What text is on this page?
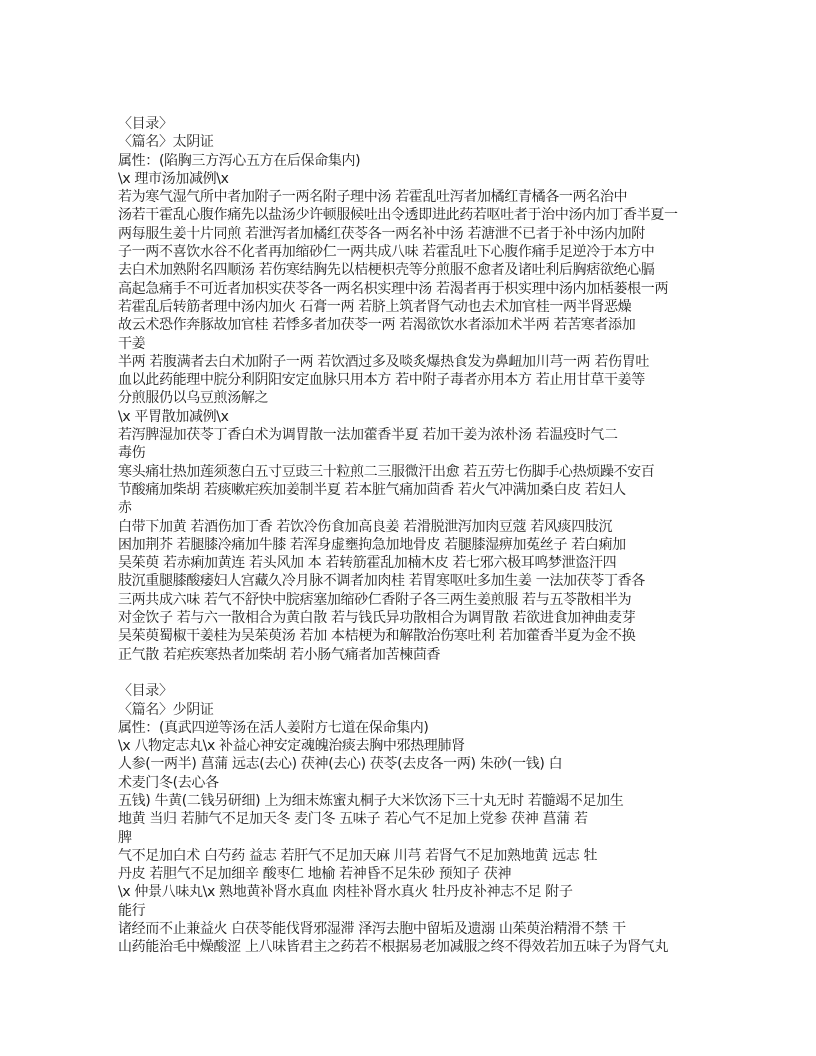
〈目录〉
〈篇名〉太阴证
属性：(陷胸三方泻心五方在后保命集内)
\x 理市汤加减例\x
若为寒气湿气所中者加附子一两名附子理中汤 若霍乱吐泻者加橘红青橘各一两名治中
汤若干霍乱心腹作痛先以盐汤少许顿服候吐出令透即进此药若呕吐者于治中汤内加丁香半夏一
两每服生姜十片同煎 若泄泻者加橘红茯苓各一两名补中汤 若溏泄不已者于补中汤内加附
子一两不喜饮水谷不化者再加缩砂仁一两共成八味 若霍乱吐下心腹作痛手足逆冷于本方中
去白术加熟附名四顺汤 若伤寒结胸先以桔梗枳壳等分煎服不愈者及诸吐利后胸痞欲绝心膈
高起急痛手不可近者加枳实茯苓各一两名枳实理中汤 若渴者再于枳实理中汤内加栝蒌根一两
若霍乱后转筋者理中汤内加火 石膏一两 若脐上筑者肾气动也去术加官桂一两半肾恶燥
故云术恐作奔豚故加官桂 若悸多者加茯苓一两 若渴欲饮水者添加术半两 若苦寒者添加
干姜
半两 若腹满者去白术加附子一两 若饮酒过多及啖炙爆热食发为鼻衄加川芎一两 若伤胃吐
血以此药能理中脘分利阴阳安定血脉只用本方 若中附子毒者亦用本方 若止用甘草干姜等
分煎服仍以乌豆煎汤解之
\x 平胃散加减例\x
若泻脾湿加茯苓丁香白术为调胃散一法加藿香半夏 若加干姜为浓朴汤 若温疫时气二
毒伤
寒头痛壮热加莲须葱白五寸豆豉三十粒煎二三服微汗出愈 若五劳七伤脚手心热烦躁不安百
节酸痛加柴胡 若痰嗽疟疾加姜制半夏 若本脏气痛加茴香 若火气冲满加桑白皮 若妇人
赤
白带下加黄 若酒伤加丁香 若饮冷伤食加高良姜 若滑脱泄泻加肉豆蔻 若风痰四肢沉
困加荆芥 若腿膝冷痛加牛膝 若浑身虚壅拘急加地骨皮 若腿膝湿痹加菟丝子 若白痢加
吴茱萸 若赤痢加黄连 若头风加 本 若转筋霍乱加楠木皮 若七邪六极耳鸣梦泄盗汗四
肢沉重腿膝酸痿妇人宫藏久冷月脉不调者加肉桂 若胃寒呕吐多加生姜 一法加茯苓丁香各
三两共成六味 若气不舒快中脘痞塞加缩砂仁香附子各三两生姜煎服 若与五苓散相半为
对金饮子 若与六一散相合为黄白散 若与钱氏异功散相合为调胃散 若欲进食加神曲麦芽
吴茱萸蜀椒干姜桂为吴茱萸汤 若加 本桔梗为和解散治伤寒吐利 若加藿香半夏为金不换
正气散 若疟疾寒热者加柴胡 若小肠气痛者加苦楝茴香
〈目录〉
〈篇名〉少阴证
属性：(真武四逆等汤在活人姜附方七道在保命集内)
\x 八物定志丸\x 补益心神安定魂魄治痰去胸中邪热理肺肾
人参(一两半) 菖蒲 远志(去心) 茯神(去心) 茯苓(去皮各一两) 朱砂(一钱) 白
术麦门冬(去心各
五钱) 牛黄(二钱另研细) 上为细末炼蜜丸桐子大米饮汤下三十丸无时 若髓竭不足加生
地黄 当归 若肺气不足加天冬 麦门冬 五味子 若心气不足加上党参 茯神 菖蒲 若
脾
气不足加白术 白芍药 益志 若肝气不足加天麻 川芎 若肾气不足加熟地黄 远志 牡
丹皮 若胆气不足加细辛 酸枣仁 地榆 若神昏不足朱砂 预知子 茯神
\x 仲景八味丸\x 熟地黄补肾水真血 肉桂补肾水真火 牡丹皮补神志不足 附子
能行
诸经而不止兼益火 白茯苓能伐肾邪湿滞 泽泻去胞中留垢及遗溺 山茱萸治精滑不禁 干
山药能治毛中燥酸涩 上八味皆君主之药若不根据易老加减服之终不得效若加五味子为肾气丸
